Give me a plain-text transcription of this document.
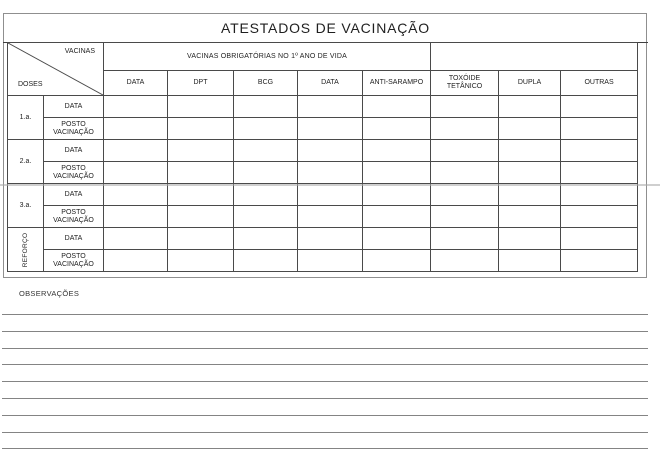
ATESTADOS DE VACINAÇÃO
VACINAS
DOSES		VACINAS OBRIGATÓRIAS NO 1º ANO DE VIDA							
		DATA	DPT	BCG	DATA	ANTI-SARAMPO	TOXÓIDE TETÂNICO	DUPLA	OUTRAS
1.a.	DATA								
	POSTO VACINAÇÃO								
2.a.	DATA								
	POSTO VACINAÇÃO								
3.a.	DATA								
	POSTO VACINAÇÃO								

REFORÇO	DATA								
	POSTO VACINAÇÃO								
OBSERVAÇÕES
